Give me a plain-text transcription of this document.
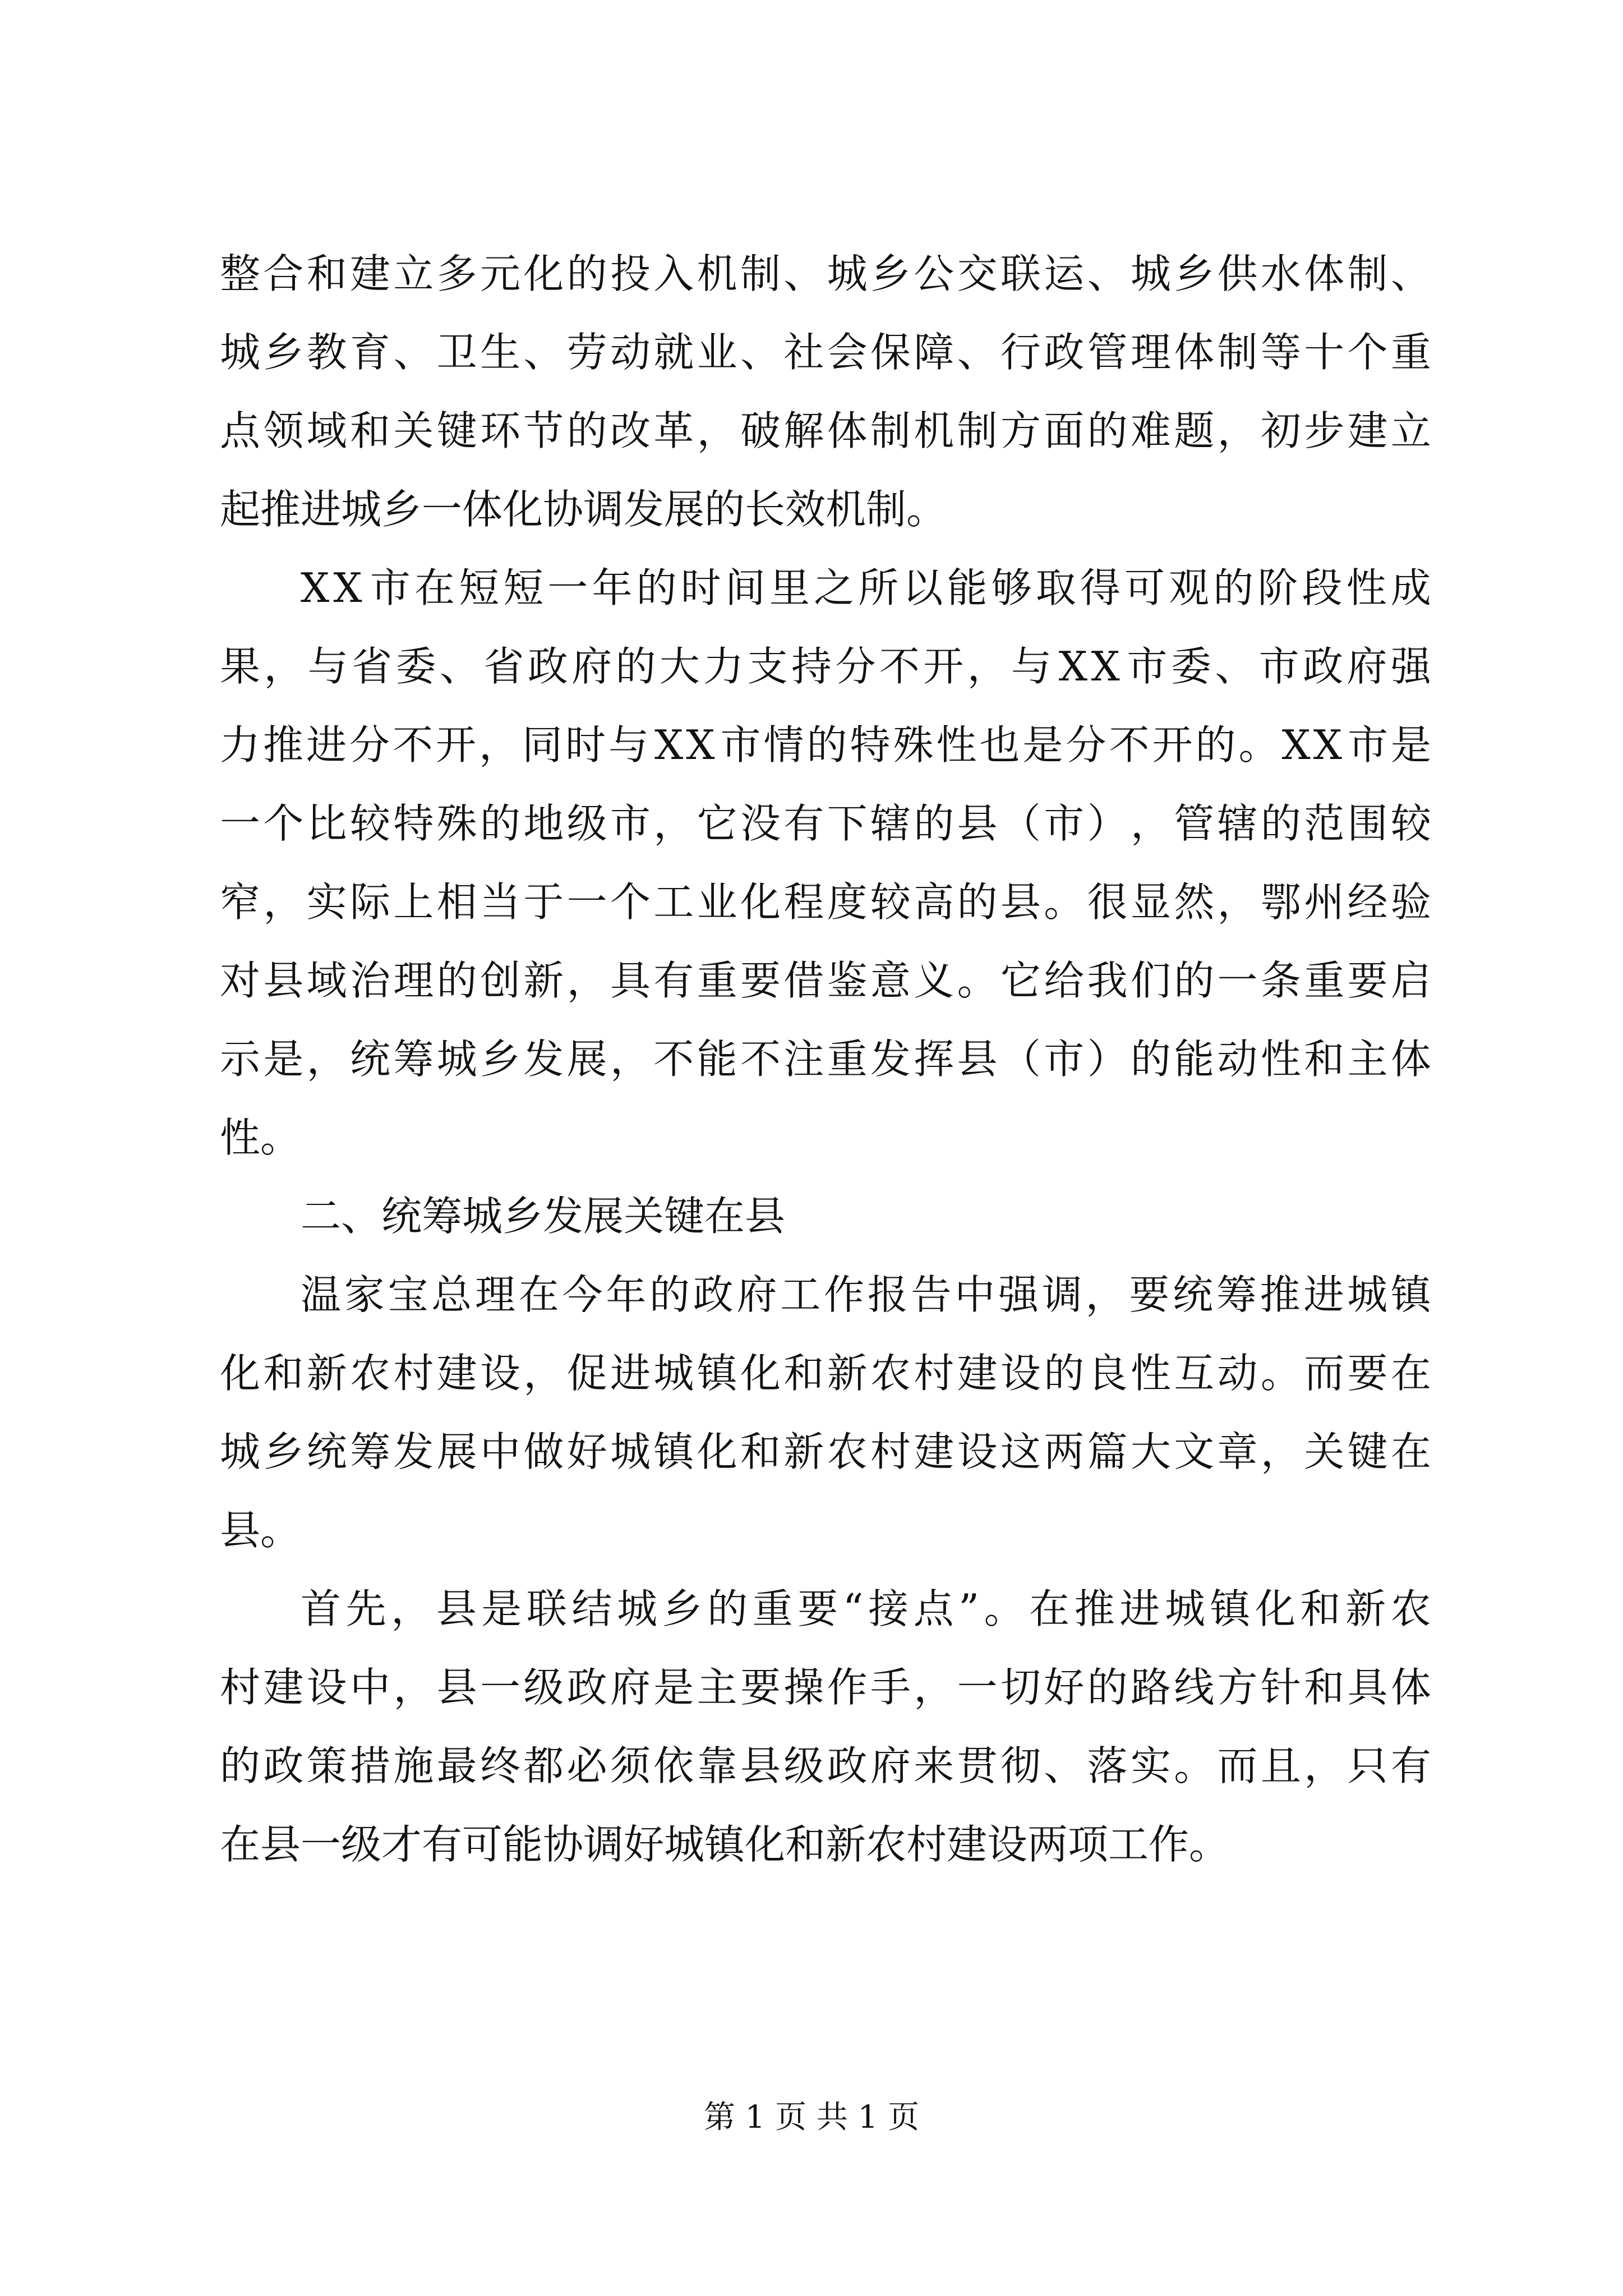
整 合 和 建 立 多 元 化 的 投 入 机 制 、 城 乡 公 交 联 运 、 城 乡 供 水 体 制 、
城 乡 教 育 、 卫 生 、 劳 动 就 业 、 社 会 保 障 、 行 政 管 理 体 制 等 十 个 重
点 领 域 和 关 键 环 节 的 改 革 ， 破 解 体 制 机 制 方 面 的 难 题 ， 初 步 建 立
起推进城乡一体化协调发展的长效机制。
X X 市 在 短 短 一 年 的 时 间 里 之 所 以 能 够 取 得 可 观 的 阶 段 性 成
果 ， 与 省 委 、 省 政 府 的 大 力 支 持 分 不 开 ， 与 X X 市 委 、 市 政 府 强
力 推 进 分 不 开 ， 同 时 与 X X 市 情 的 特 殊 性 也 是 分 不 开 的 。 X X 市 是
一 个 比 较 特 殊 的 地 级 市 ， 它 没 有 下 辖 的 县 （ 市 ） ， 管 辖 的 范 围 较
窄 ， 实 际 上 相 当 于 一 个 工 业 化 程 度 较 高 的 县 。 很 显 然 ， 鄂 州 经 验
对 县 域 治 理 的 创 新 ， 具 有 重 要 借 鉴 意 义 。 它 给 我 们 的 一 条 重 要 启
示 是 ， 统 筹 城 乡 发 展 ， 不 能 不 注 重 发 挥 县 （ 市 ） 的 能 动 性 和 主 体
性。
二、统筹城乡发展关键在县
温 家 宝 总 理 在 今 年 的 政 府 工 作 报 告 中 强 调 ， 要 统 筹 推 进 城 镇
化 和 新 农 村 建 设 ， 促 进 城 镇 化 和 新 农 村 建 设 的 良 性 互 动 。 而 要 在
城 乡 统 筹 发 展 中 做 好 城 镇 化 和 新 农 村 建 设 这 两 篇 大 文 章 ， 关 键 在
县。
首 先 ， 县 是 联 结 城 乡 的 重 要 “ 接 点 ” 。 在 推 进 城 镇 化 和 新 农
村 建 设 中 ， 县 一 级 政 府 是 主 要 操 作 手 ， 一 切 好 的 路 线 方 针 和 具 体
的 政 策 措 施 最 终 都 必 须 依 靠 县 级 政 府 来 贯 彻 、 落 实 。 而 且 ， 只 有
在县一级才有可能协调好城镇化和新农村建设两项工作。
第 1 页 共 1 页
